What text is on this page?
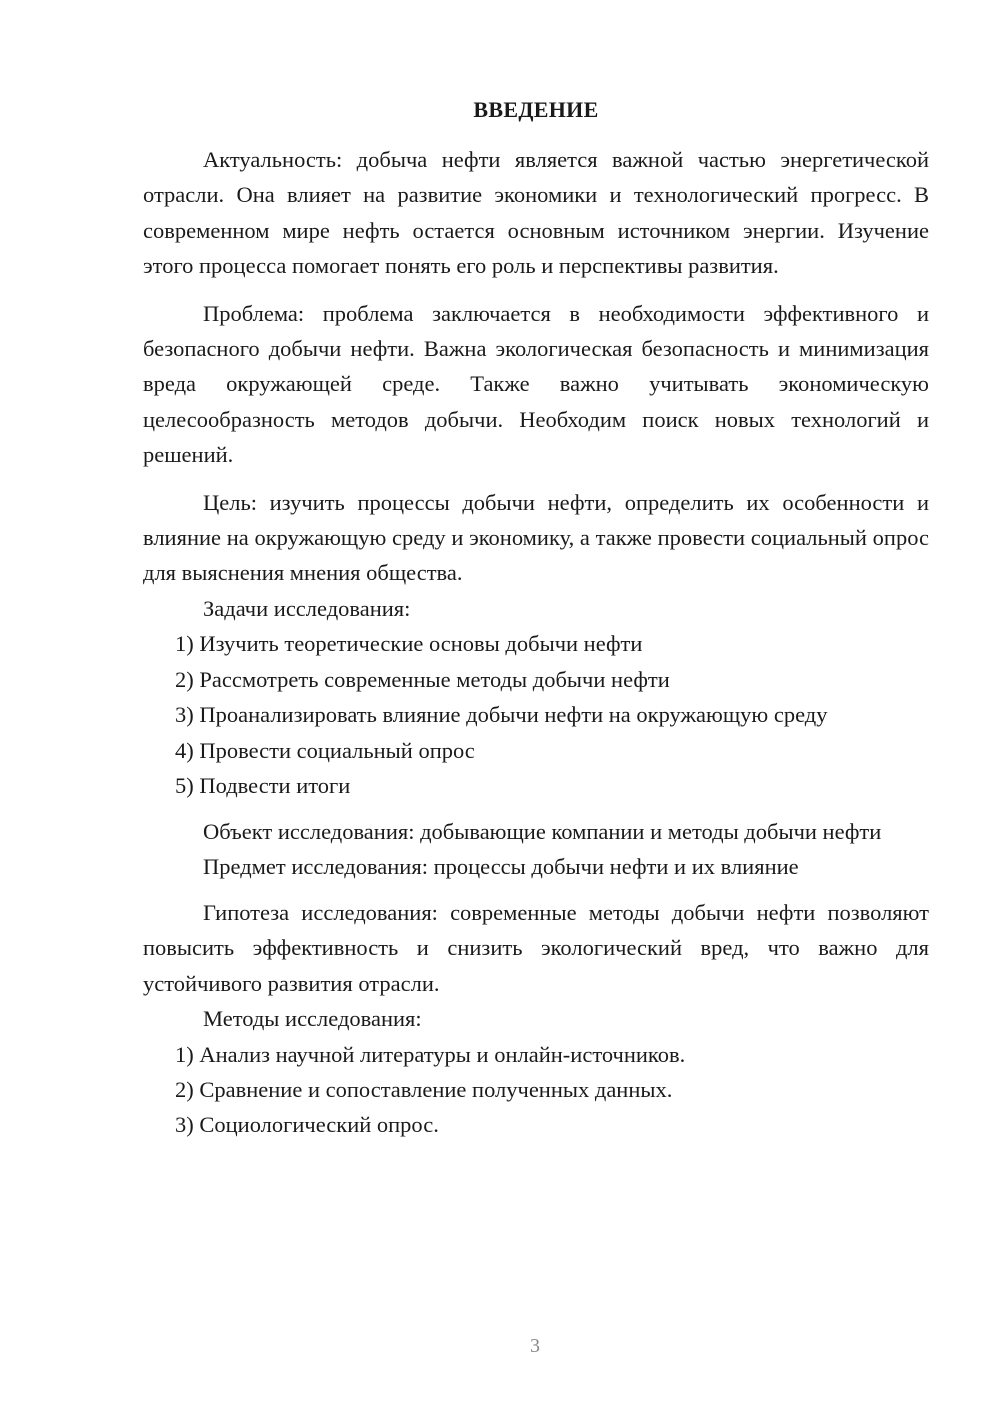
ВВЕДЕНИЕ

Актуальность: добыча нефти является важной частью энергетической отрасли. Она влияет на развитие экономики и технологический прогресс. В современном мире нефть остается основным источником энергии. Изучение этого процесса помогает понять его роль и перспективы развития.

Проблема: проблема заключается в необходимости эффективного и безопасного добычи нефти. Важна экологическая безопасность и минимизация вреда окружающей среде. Также важно учитывать экономическую целесообразность методов добычи. Необходим поиск новых технологий и решений.

Цель: изучить процессы добычи нефти, определить их особенности и влияние на окружающую среду и экономику, а также провести социальный опрос для выяснения мнения общества.

Задачи исследования:

1) Изучить теоретические основы добычи нефти

2) Рассмотреть современные методы добычи нефти

3) Проанализировать влияние добычи нефти на окружающую среду

4) Провести социальный опрос

5) Подвести итоги

Объект исследования: добывающие компании и методы добычи нефти

Предмет исследования: процессы добычи нефти и их влияние

Гипотеза исследования: современные методы добычи нефти позволяют повысить эффективность и снизить экологический вред, что важно для устойчивого развития отрасли.

Методы исследования:

1) Анализ научной литературы и онлайн-источников.

2) Сравнение и сопоставление полученных данных.

3) Социологический опрос.

3
